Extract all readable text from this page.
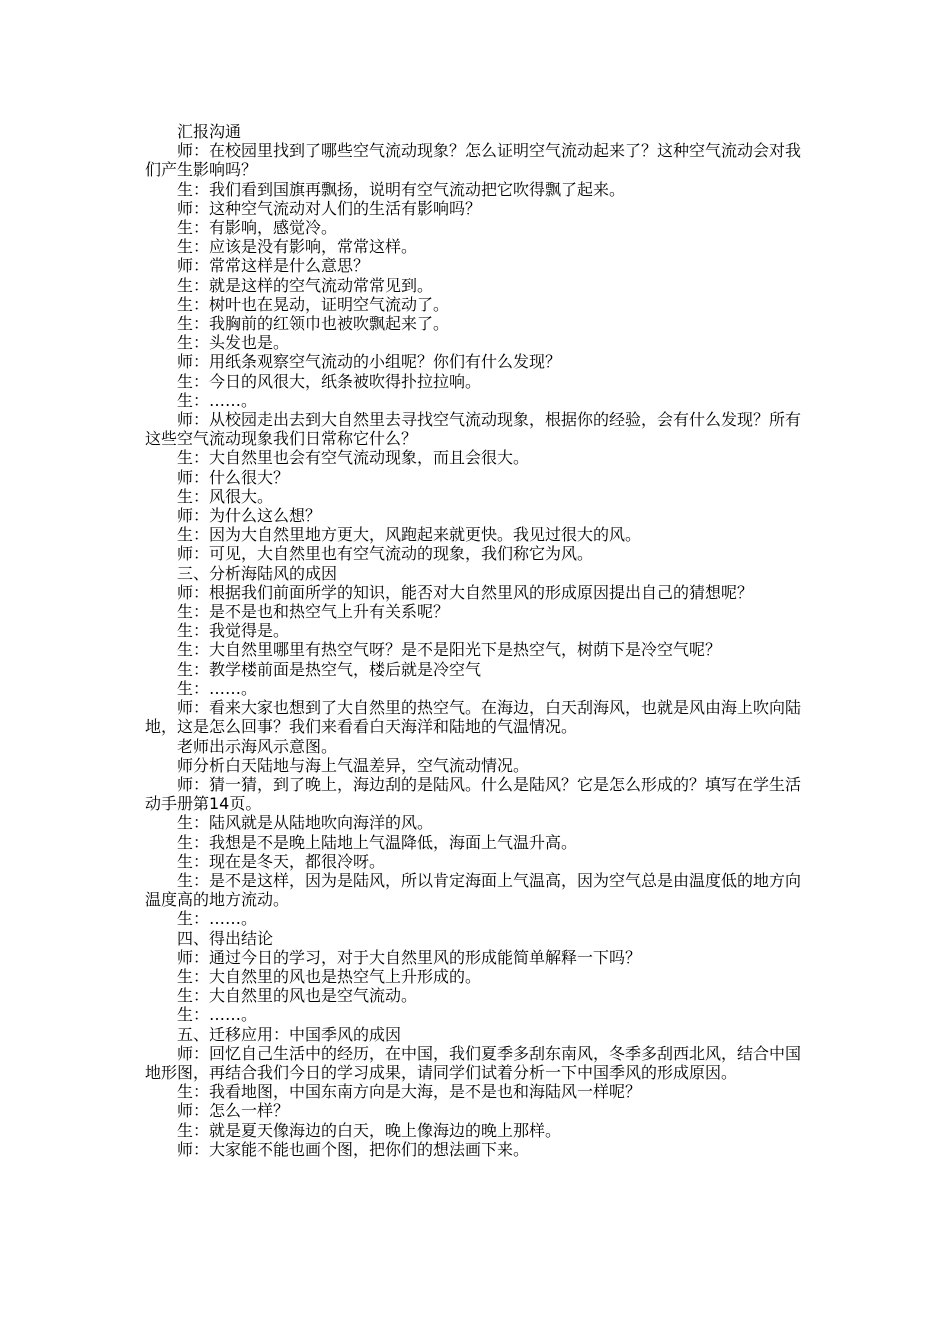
汇报沟通

师：在校园里找到了哪些空气流动现象？怎么证明空气流动起来了？这种空气流动会对我们产生影响吗？

生：我们看到国旗再飘扬，说明有空气流动把它吹得飘了起来。

师：这种空气流动对人们的生活有影响吗？

生：有影响，感觉冷。

生：应该是没有影响，常常这样。

师：常常这样是什么意思？

生：就是这样的空气流动常常见到。

生：树叶也在晃动，证明空气流动了。

生：我胸前的红领巾也被吹飘起来了。

生：头发也是。

师：用纸条观察空气流动的小组呢？你们有什么发现？

生：今日的风很大，纸条被吹得扑拉拉响。

生：……。

师：从校园走出去到大自然里去寻找空气流动现象，根据你的经验，会有什么发现？所有这些空气流动现象我们日常称它什么？

生：大自然里也会有空气流动现象，而且会很大。

师：什么很大？

生：风很大。

师：为什么这么想？

生：因为大自然里地方更大，风跑起来就更快。我见过很大的风。

师：可见，大自然里也有空气流动的现象，我们称它为风。

三、分析海陆风的成因

师：根据我们前面所学的知识，能否对大自然里风的形成原因提出自己的猜想呢？

生：是不是也和热空气上升有关系呢？

生：我觉得是。

生：大自然里哪里有热空气呀？是不是阳光下是热空气，树荫下是冷空气呢？

生：教学楼前面是热空气，楼后就是冷空气

生：……。

师：看来大家也想到了大自然里的热空气。在海边，白天刮海风，也就是风由海上吹向陆地，这是怎么回事？我们来看看白天海洋和陆地的气温情况。

老师出示海风示意图。

师分析白天陆地与海上气温差异，空气流动情况。

师：猜一猜，到了晚上，海边刮的是陆风。什么是陆风？它是怎么形成的？填写在学生活动手册第14页。

生：陆风就是从陆地吹向海洋的风。

生：我想是不是晚上陆地上气温降低，海面上气温升高。

生：现在是冬天，都很冷呀。

生：是不是这样，因为是陆风，所以肯定海面上气温高，因为空气总是由温度低的地方向温度高的地方流动。

生：……。

四、得出结论

师：通过今日的学习，对于大自然里风的形成能简单解释一下吗？

生：大自然里的风也是热空气上升形成的。

生：大自然里的风也是空气流动。

生：……。

五、迁移应用：中国季风的成因

师：回忆自己生活中的经历，在中国，我们夏季多刮东南风，冬季多刮西北风，结合中国地形图，再结合我们今日的学习成果，请同学们试着分析一下中国季风的形成原因。

生：我看地图，中国东南方向是大海，是不是也和海陆风一样呢？

师：怎么一样？

生：就是夏天像海边的白天，晚上像海边的晚上那样。

师：大家能不能也画个图，把你们的想法画下来。
